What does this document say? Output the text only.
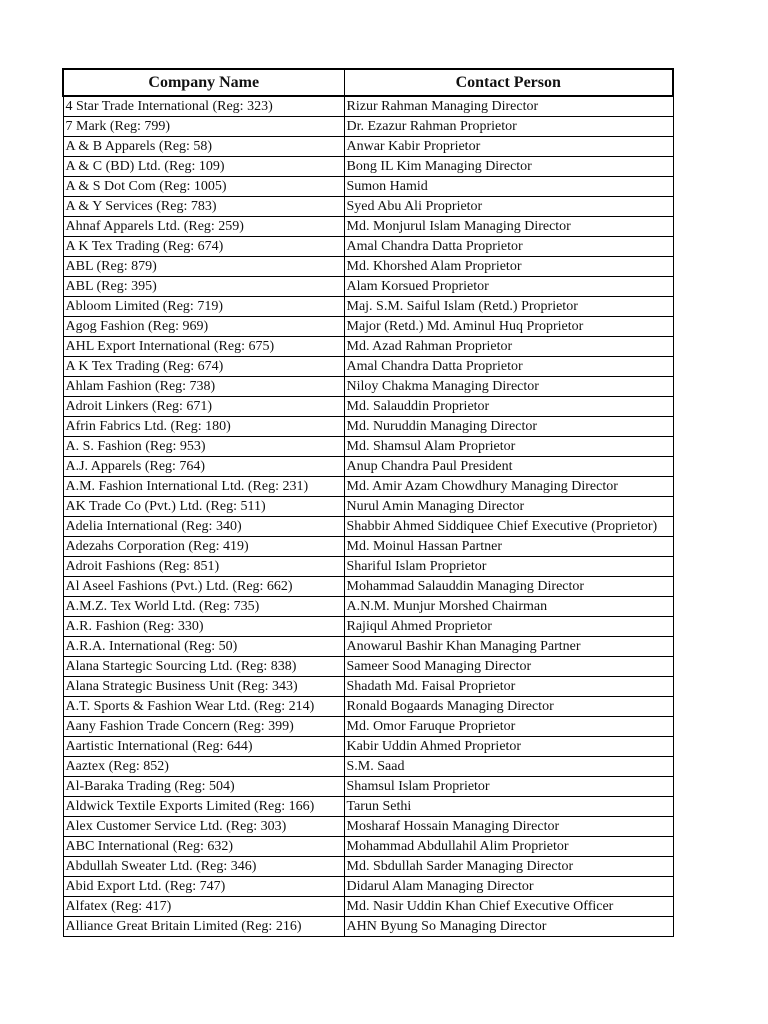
Company Name	Contact Person
4 Star Trade International (Reg: 323)	Rizur Rahman Managing Director
7 Mark (Reg: 799)	Dr. Ezazur Rahman Proprietor
A & B Apparels (Reg: 58)	Anwar Kabir Proprietor
A & C (BD) Ltd. (Reg: 109)	Bong IL Kim Managing Director
A & S Dot Com (Reg: 1005)	Sumon Hamid
A & Y Services (Reg: 783)	Syed Abu Ali Proprietor
Ahnaf Apparels Ltd. (Reg: 259)	Md. Monjurul Islam Managing Director
A K Tex Trading (Reg: 674)	Amal Chandra Datta Proprietor
ABL (Reg: 879)	Md. Khorshed Alam Proprietor
ABL (Reg: 395)	Alam Korsued Proprietor
Abloom Limited (Reg: 719)	Maj. S.M. Saiful Islam (Retd.) Proprietor
Agog Fashion (Reg: 969)	Major (Retd.) Md. Aminul Huq Proprietor
AHL Export International (Reg: 675)	Md. Azad Rahman Proprietor
A K Tex Trading (Reg: 674)	Amal Chandra Datta Proprietor
Ahlam Fashion (Reg: 738)	Niloy Chakma Managing Director
Adroit Linkers (Reg: 671)	Md. Salauddin Proprietor
Afrin Fabrics Ltd. (Reg: 180)	Md. Nuruddin Managing Director
A. S. Fashion (Reg: 953)	Md. Shamsul Alam Proprietor
A.J. Apparels (Reg: 764)	Anup Chandra Paul President
A.M. Fashion International Ltd. (Reg: 231)	Md. Amir Azam Chowdhury Managing Director
AK Trade Co (Pvt.) Ltd. (Reg: 511)	Nurul Amin Managing Director
Adelia International (Reg: 340)	Shabbir Ahmed Siddiquee Chief Executive (Proprietor)
Adezahs Corporation (Reg: 419)	Md. Moinul Hassan Partner
Adroit Fashions (Reg: 851)	Shariful Islam Proprietor
Al Aseel Fashions (Pvt.) Ltd. (Reg: 662)	Mohammad Salauddin Managing Director
A.M.Z. Tex World Ltd. (Reg: 735)	A.N.M. Munjur Morshed Chairman
A.R. Fashion (Reg: 330)	Rajiqul Ahmed Proprietor
A.R.A. International (Reg: 50)	Anowarul Bashir Khan Managing Partner
Alana Startegic Sourcing Ltd. (Reg: 838)	Sameer Sood Managing Director
Alana Strategic Business Unit (Reg: 343)	Shadath Md. Faisal Proprietor
A.T. Sports & Fashion Wear Ltd. (Reg: 214)	Ronald Bogaards Managing Director
Aany Fashion Trade Concern (Reg: 399)	Md. Omor Faruque Proprietor
Aartistic International (Reg: 644)	Kabir Uddin Ahmed Proprietor
Aaztex (Reg: 852)	S.M. Saad
Al-Baraka Trading (Reg: 504)	Shamsul Islam Proprietor
Aldwick Textile Exports Limited (Reg: 166)	Tarun Sethi
Alex Customer Service Ltd. (Reg: 303)	Mosharaf Hossain Managing Director
ABC International (Reg: 632)	Mohammad Abdullahil Alim Proprietor
Abdullah Sweater Ltd. (Reg: 346)	Md. Sbdullah Sarder Managing Director
Abid Export Ltd. (Reg: 747)	Didarul Alam Managing Director
Alfatex (Reg: 417)	Md. Nasir Uddin Khan Chief Executive Officer
Alliance Great Britain Limited (Reg: 216)	AHN Byung So Managing Director
